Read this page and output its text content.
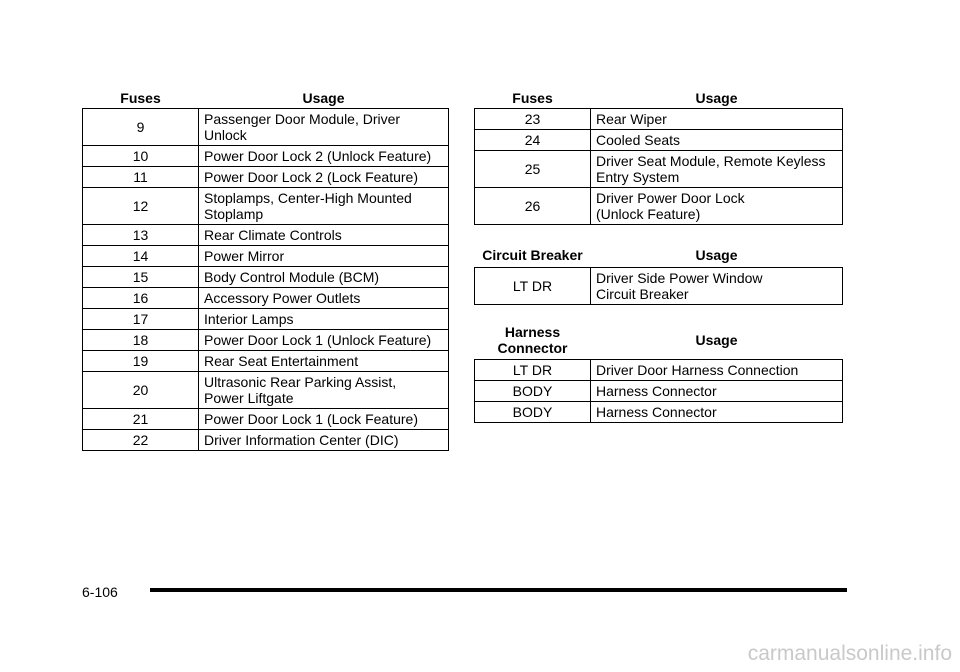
Fuses	Usage
9	Passenger Door Module, Driver
Unlock

10	Power Door Lock 2 (Unlock Feature)

11	Power Door Lock 2 (Lock Feature)

12	Stoplamps, Center-High Mounted
Stoplamp

13	Rear Climate Controls

14	Power Mirror

15	Body Control Module (BCM)

16	Accessory Power Outlets

17	Interior Lamps

18	Power Door Lock 1 (Unlock Feature)

19	Rear Seat Entertainment

20	Ultrasonic Rear Parking Assist,
Power Liftgate

21	Power Door Lock 1 (Lock Feature)

22	Driver Information Center (DIC)
Fuses	Usage
23	Rear Wiper

24	Cooled Seats

25	Driver Seat Module, Remote Keyless
Entry System

26	Driver Power Door Lock
(Unlock Feature)
Circuit Breaker	Usage
LT DR	Driver Side Power Window
Circuit Breaker
Harness
Connector	Usage
LT DR	Driver Door Harness Connection

BODY	Harness Connector

BODY	Harness Connector
6-106
carmanualsonline.info
